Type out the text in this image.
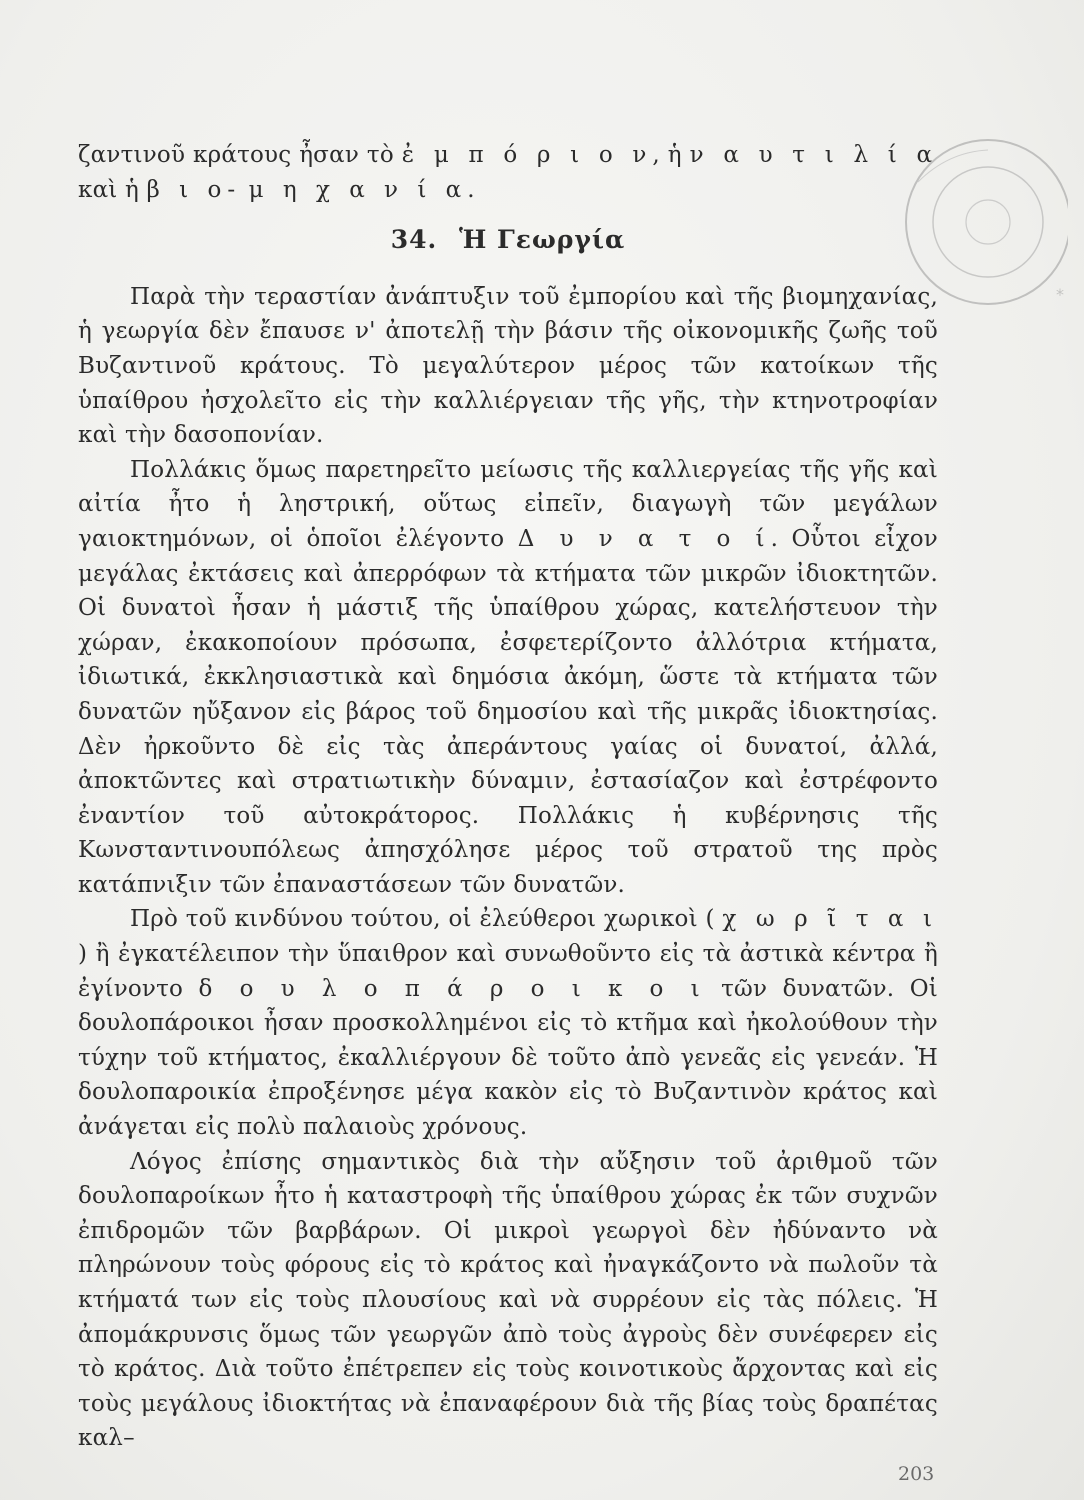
*

ζαντινοῦ κράτους ἦσαν τὸ ἐ μ π ό ρ ι ο ν, ἡ ν α υ τ ι λ ί α καὶ ἡ β ι ο- μ η χ α ν ί α.

34. Ἡ Γεωργία

Παρὰ τὴν τεραστίαν ἀνάπτυξιν τοῦ ἐμπορίου καὶ τῆς βιομηχανίας, ἡ γεωργία δὲν ἔπαυσε ν' ἀποτελῇ τὴν βάσιν τῆς οἰκονομικῆς ζωῆς τοῦ Βυζαντινοῦ κράτους. Τὸ μεγαλύτερον μέρος τῶν κατοίκων τῆς ὑπαίθρου ἠσχολεῖτο εἰς τὴν καλλιέργειαν τῆς γῆς, τὴν κτηνοτροφίαν καὶ τὴν δασοπονίαν.

Πολλάκις ὅμως παρετηρεῖτο μείωσις τῆς καλλιεργείας τῆς γῆς καὶ αἰτία ἦτο ἡ ληστρική, οὕτως εἰπεῖν, διαγωγὴ τῶν μεγάλων γαιοκτημόνων, οἱ ὁποῖοι ἐλέγοντο Δ υ ν α τ ο ί. Οὗτοι εἶχον μεγάλας ἐκτάσεις καὶ ἀπερρόφων τὰ κτήματα τῶν μικρῶν ἰδιοκτητῶν. Οἱ δυνατοὶ ἦσαν ἡ μάστιξ τῆς ὑπαίθρου χώρας, κατελήστευον τὴν χώραν, ἐκακοποίουν πρόσωπα, ἐσφετερίζοντο ἀλλότρια κτήματα, ἰδιωτικά, ἐκκλησιαστικὰ καὶ δημόσια ἀκόμη, ὥστε τὰ κτήματα τῶν δυνατῶν ηὔξανον εἰς βάρος τοῦ δημοσίου καὶ τῆς μικρᾶς ἰδιοκτησίας. Δὲν ἠρκοῦντο δὲ εἰς τὰς ἀπεράντους γαίας οἱ δυνατοί, ἀλλά, ἀποκτῶντες καὶ στρατιωτικὴν δύναμιν, ἐστασίαζον καὶ ἐστρέφοντο ἐναντίον τοῦ αὐτοκράτορος. Πολλάκις ἡ κυβέρνησις τῆς Κωνσταντινουπόλεως ἀπησχόλησε μέρος τοῦ στρατοῦ της πρὸς κατάπνιξιν τῶν ἐπαναστάσεων τῶν δυνατῶν.

Πρὸ τοῦ κινδύνου τούτου, οἱ ἐλεύθεροι χωρικοὶ ( χ ω ρ ῖ τ α ι ) ἢ ἐγκατέλειπον τὴν ὕπαιθρον καὶ συνωθοῦντο εἰς τὰ ἀστικὰ κέντρα ἢ ἐγίνοντο δ ο υ λ ο π ά ρ ο ι κ ο ι τῶν δυνατῶν. Οἱ δουλοπάροικοι ἦσαν προσκολλημένοι εἰς τὸ κτῆμα καὶ ἠκολούθουν τὴν τύχην τοῦ κτήματος, ἐκαλλιέργουν δὲ τοῦτο ἀπὸ γενεᾶς εἰς γενεάν. Ἡ δουλοπαροικία ἐπροξένησε μέγα κακὸν εἰς τὸ Βυζαντινὸν κράτος καὶ ἀνάγεται εἰς πολὺ παλαιοὺς χρόνους.

Λόγος ἐπίσης σημαντικὸς διὰ τὴν αὔξησιν τοῦ ἀριθμοῦ τῶν δουλοπαροίκων ἦτο ἡ καταστροφὴ τῆς ὑπαίθρου χώρας ἐκ τῶν συχνῶν ἐπιδρομῶν τῶν βαρβάρων. Οἱ μικροὶ γεωργοὶ δὲν ἠδύναντο νὰ πληρώνουν τοὺς φόρους εἰς τὸ κράτος καὶ ἠναγκάζοντο νὰ πωλοῦν τὰ κτήματά των εἰς τοὺς πλουσίους καὶ νὰ συρρέουν εἰς τὰς πόλεις. Ἡ ἀπομάκρυνσις ὅμως τῶν γεωργῶν ἀπὸ τοὺς ἀγροὺς δὲν συνέφερεν εἰς τὸ κράτος. Διὰ τοῦτο ἐπέτρεπεν εἰς τοὺς κοινοτικοὺς ἄρχοντας καὶ εἰς τοὺς μεγάλους ἰδιοκτήτας νὰ ἐπαναφέρουν διὰ τῆς βίας τοὺς δραπέτας καλ–

203
